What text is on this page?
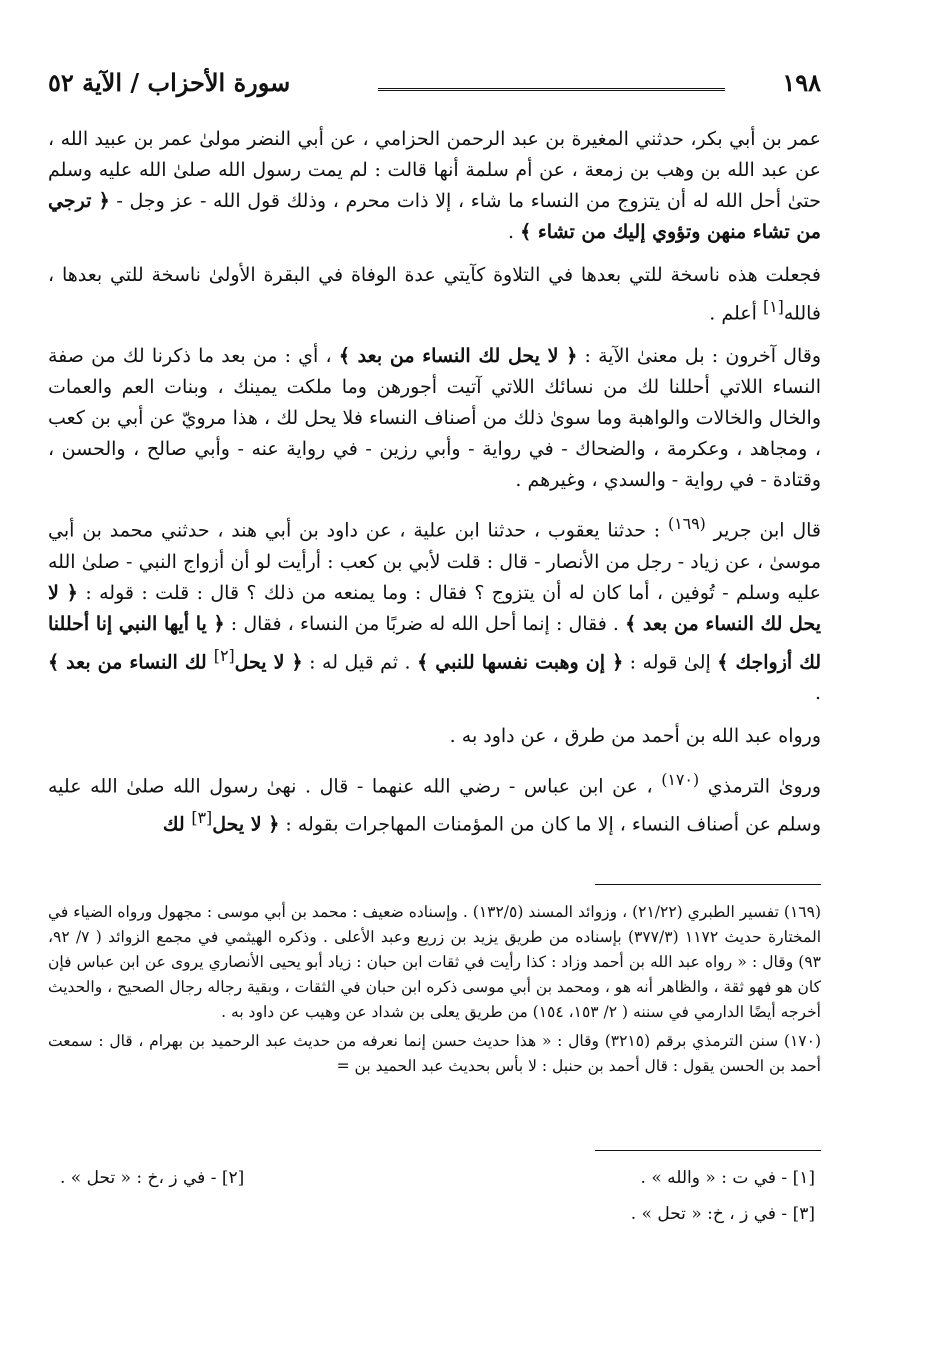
١٩٨
سورة الأحزاب / الآية ٥٢

عمر بن أبي بكر، حدثني المغيرة بن عبد الرحمن الحزامي ، عن أبي النضر مولىٰ عمر بن عبيد الله ، عن عبد الله بن وهب بن زمعة ، عن أم سلمة أنها قالت : لم يمت رسول الله صلىٰ الله عليه وسلم حتىٰ أحل الله له أن يتزوج من النساء ما شاء ، إلا ذات محرم ، وذلك قول الله - عز وجل - ﴿ ترجي من تشاء منهن وتؤوي إليك من تشاء ﴾ .

فجعلت هذه ناسخة للتي بعدها في التلاوة كآيتي عدة الوفاة في البقرة الأولىٰ ناسخة للتي بعدها ، فالله[١] أعلم .

وقال آخرون : بل معنىٰ الآية : ﴿ لا يحل لك النساء من بعد ﴾ ، أي : من بعد ما ذكرنا لك من صفة النساء اللاتي أحللنا لك من نسائك اللاتي آتيت أجورهن وما ملكت يمينك ، وبنات العم والعمات والخال والخالات والواهبة وما سوىٰ ذلك من أصناف النساء فلا يحل لك ، هذا مرويّ عن أبي بن كعب ، ومجاهد ، وعكرمة ، والضحاك - في رواية - وأبي رزين - في رواية عنه - وأبي صالح ، والحسن ، وقتادة - في رواية - والسدي ، وغيرهم .

قال ابن جرير $^{(١٦٩)}$ : حدثنا يعقوب ، حدثنا ابن علية ، عن داود بن أبي هند ، حدثني محمد بن أبي موسىٰ ، عن زياد - رجل من الأنصار - قال : قلت لأبي بن كعب : أرأيت لو أن أزواج النبي - صلىٰ الله عليه وسلم - تُوفين ، أما كان له أن يتزوج ؟ فقال : وما يمنعه من ذلك ؟ قال : قلت : قوله : ﴿ لا يحل لك النساء من بعد ﴾ . فقال : إنما أحل الله له ضربًا من النساء ، فقال : ﴿ يا أيها النبي إنا أحللنا لك أزواجك ﴾ إلىٰ قوله : ﴿ إن وهبت نفسها للنبي ﴾ . ثم قيل له : ﴿ لا يحل[٢] لك النساء من بعد ﴾ .

ورواه عبد الله بن أحمد من طرق ، عن داود به .

وروىٰ الترمذي $^{(١٧٠)}$ ، عن ابن عباس - رضي الله عنهما - قال . نهىٰ رسول الله صلىٰ الله عليه وسلم عن أصناف النساء ، إلا ما كان من المؤمنات المهاجرات بقوله : ﴿ لا يحل[٣] لك

(١٦٩) تفسير الطبري (٢١/٢٢) ، وزوائد المسند (١٣٢/٥) . وإسناده ضعيف : محمد بن أبي موسى : مجهول ورواه الضياء في المختارة حديث ١١٧٢ (٣٧٧/٣) بإسناده من طريق يزيد بن زريع وعبد الأعلى . وذكره الهيثمي في مجمع الزوائد ( ٧/ ٩٢، ٩٣) وقال : « رواه عبد الله بن أحمد وزاد : كذا رأيت في ثقات ابن حبان : زياد أبو يحيى الأنصاري يروى عن ابن عباس فإن كان هو فهو ثقة ، والظاهر أنه هو ، ومحمد بن أبي موسى ذكره ابن حبان في الثقات ، وبقية رجاله رجال الصحيح ، والحديث أخرجه أيضًا الدارمي في سننه ( ٢/ ١٥٣، ١٥٤) من طريق يعلى بن شداد عن وهيب عن داود به .

(١٧٠) سنن الترمذي برقم (٣٢١٥) وقال : « هذا حديث حسن إنما نعرفه من حديث عبد الرحميد بن بهرام ، قال : سمعت أحمد بن الحسن يقول : قال أحمد بن حنبل : لا بأس بحديث عبد الحميد بن =

[١] - في ت : « والله » .
[٢] - في ز ،خ : « تحل » .
[٣] - في ز ، خ: « تحل » .
